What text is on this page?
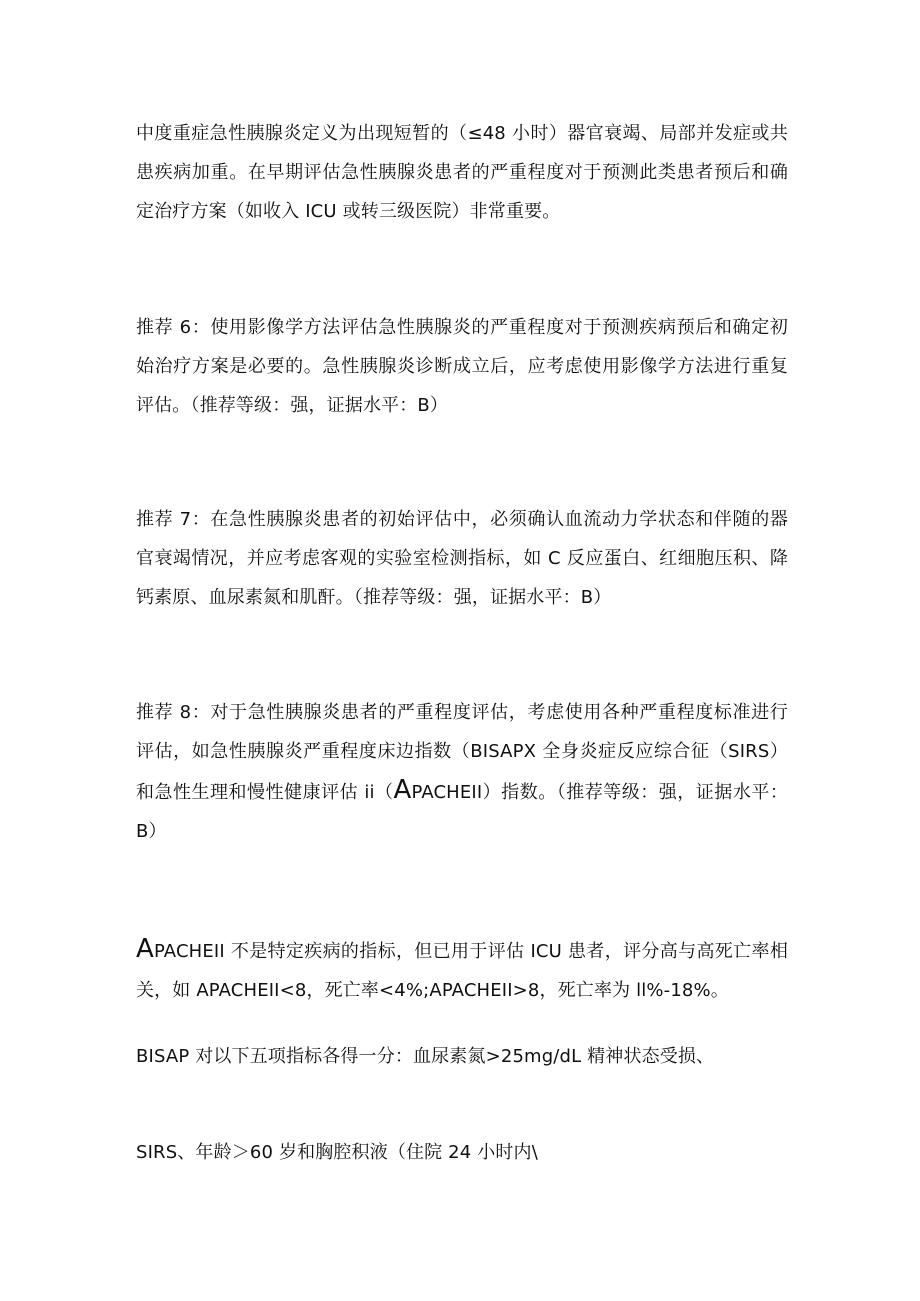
中度重症急性胰腺炎定义为出现短暂的（≤48 小时）器官衰竭、局部并发症或共患疾病加重。在早期评估急性胰腺炎患者的严重程度对于预测此类患者预后和确定治疗方案（如收入 ICU 或转三级医院）非常重要。

推荐 6：使用影像学方法评估急性胰腺炎的严重程度对于预测疾病预后和确定初始治疗方案是必要的。急性胰腺炎诊断成立后，应考虑使用影像学方法进行重复评估。（推荐等级：强，证据水平：B）

推荐 7：在急性胰腺炎患者的初始评估中，必须确认血流动力学状态和伴随的器官衰竭情况，并应考虑客观的实验室检测指标，如 C 反应蛋白、红细胞压积、降钙素原、血尿素氮和肌酐。（推荐等级：强，证据水平：B）

推荐 8：对于急性胰腺炎患者的严重程度评估，考虑使用各种严重程度标准进行评估，如急性胰腺炎严重程度床边指数（BISAPX 全身炎症反应综合征（SIRS）和急性生理和慢性健康评估 ii（APACHEII）指数。（推荐等级：强，证据水平：B）

APACHEII 不是特定疾病的指标，但已用于评估 ICU 患者，评分高与高死亡率相关，如 APACHEII<8，死亡率<4%;APACHEII>8，死亡率为 ll%-18%。

BISAP 对以下五项指标各得一分：血尿素氮>25mg/dL 精神状态受损、

SIRS、年龄＞60 岁和胸腔积液（住院 24 小时内\
